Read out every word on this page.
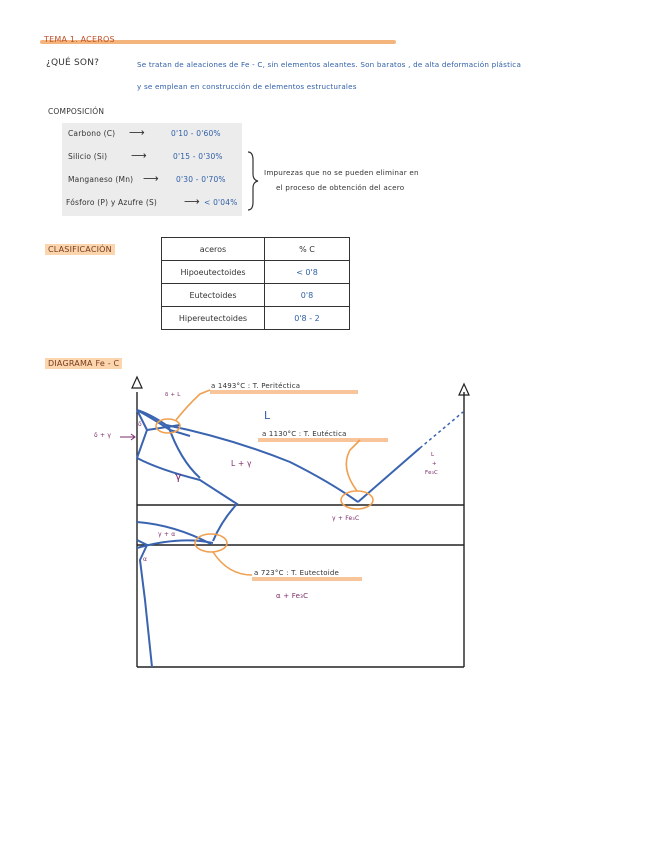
TEMA 1. ACEROS
¿QUÉ SON?	Se tratan de aleaciones de Fe - C, sin elementos aleantes. Son baratos , de alta deformación plástica
y se emplean en construcción de elementos estructurales
COMPOSICIÓN
Carbono (C) ⟶	0'10 - 0'60%
Silicio (Si) ⟶	0'15 - 0'30%
Manganeso (Mn) ⟶ 0'30 - 0'70%
Fósforo (P) y Azufre (S) ⟶ < 0'04%
Impurezas que no se pueden eliminar en
el proceso de obtención del acero
CLASIFICACIÓN	aceros	% C
Hipoeutectoides	< 0'8
Eutectoides	0'8
Hipereutectoides	0'8 - 2
DIAGRAMA Fe - C
a 1493°C : T. Peritéctica
a 1130°C : T. Eutéctica
a 723°C : T. Eutectoide
L
γ
L + γ
δ + L
δ
δ + γ
γ + Fe₃C
γ + α
α
α + Fe₃C
L
+
Fe₃C
